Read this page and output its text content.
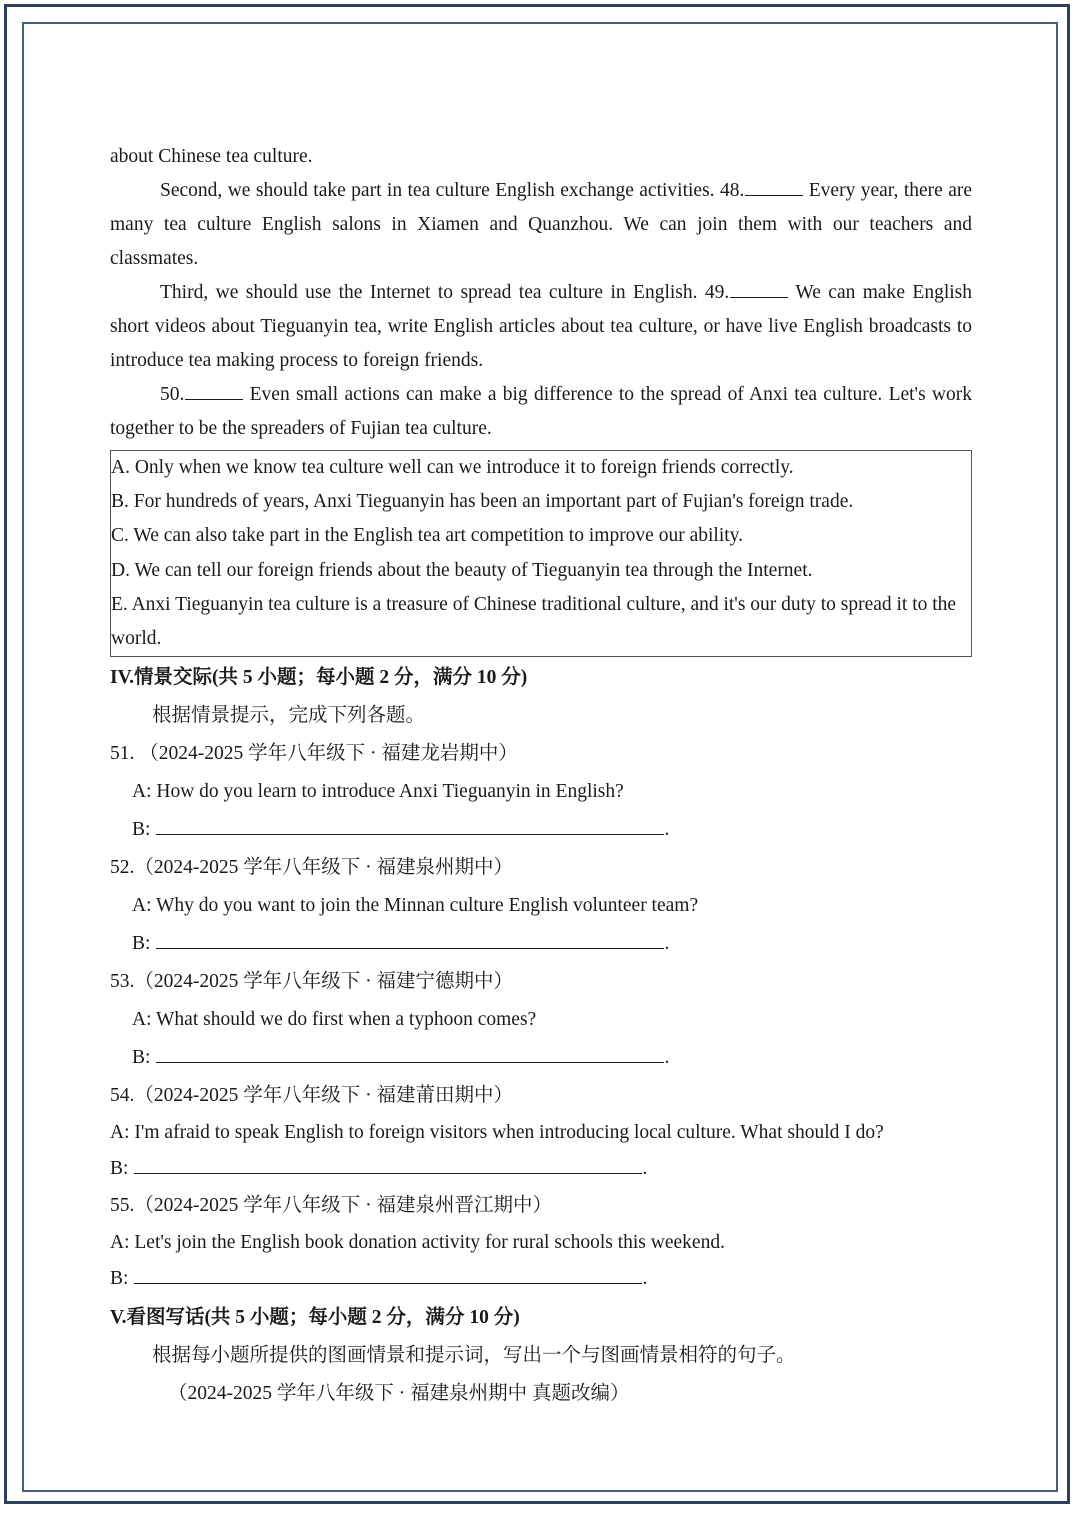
about Chinese tea culture.

Second, we should take part in tea culture English exchange activities. 48.	Every year, there are many tea culture English salons in Xiamen and Quanzhou. We can join them with our teachers and classmates.

Third, we should use the Internet to spread tea culture in English. 49.	We can make English short videos about Tieguanyin tea, write English articles about tea culture, or have live English broadcasts to introduce tea making process to foreign friends.

50.	Even small actions can make a big difference to the spread of Anxi tea culture. Let's work together to be the spreaders of Fujian tea culture.

A. Only when we know tea culture well can we introduce it to foreign friends correctly.

B. For hundreds of years, Anxi Tieguanyin has been an important part of Fujian's foreign trade.

C. We can also take part in the English tea art competition to improve our ability.

D. We can tell our foreign friends about the beauty of Tieguanyin tea through the Internet.

E. Anxi Tieguanyin tea culture is a treasure of Chinese traditional culture, and it's our duty to spread it to the world.

IV.情景交际(共 5 小题；每小题 2 分，满分 10 分)

根据情景提示，完成下列各题。

51. （2024-2025 学年八年级下 · 福建龙岩期中）

A: How do you learn to introduce Anxi Tieguanyin in English?

B:	.

52.（2024-2025 学年八年级下 · 福建泉州期中）

A: Why do you want to join the Minnan culture English volunteer team?

B:	.

53.（2024-2025 学年八年级下 · 福建宁德期中）

A: What should we do first when a typhoon comes?

B:	.

54.（2024-2025 学年八年级下 · 福建莆田期中）

A: I'm afraid to speak English to foreign visitors when introducing local culture. What should I do?

B:	.

55.（2024-2025 学年八年级下 · 福建泉州晋江期中）

A: Let's join the English book donation activity for rural schools this weekend.

B:	.

V.看图写话(共 5 小题；每小题 2 分，满分 10 分)

根据每小题所提供的图画情景和提示词，写出一个与图画情景相符的句子。

（2024-2025 学年八年级下 · 福建泉州期中 真题改编）
